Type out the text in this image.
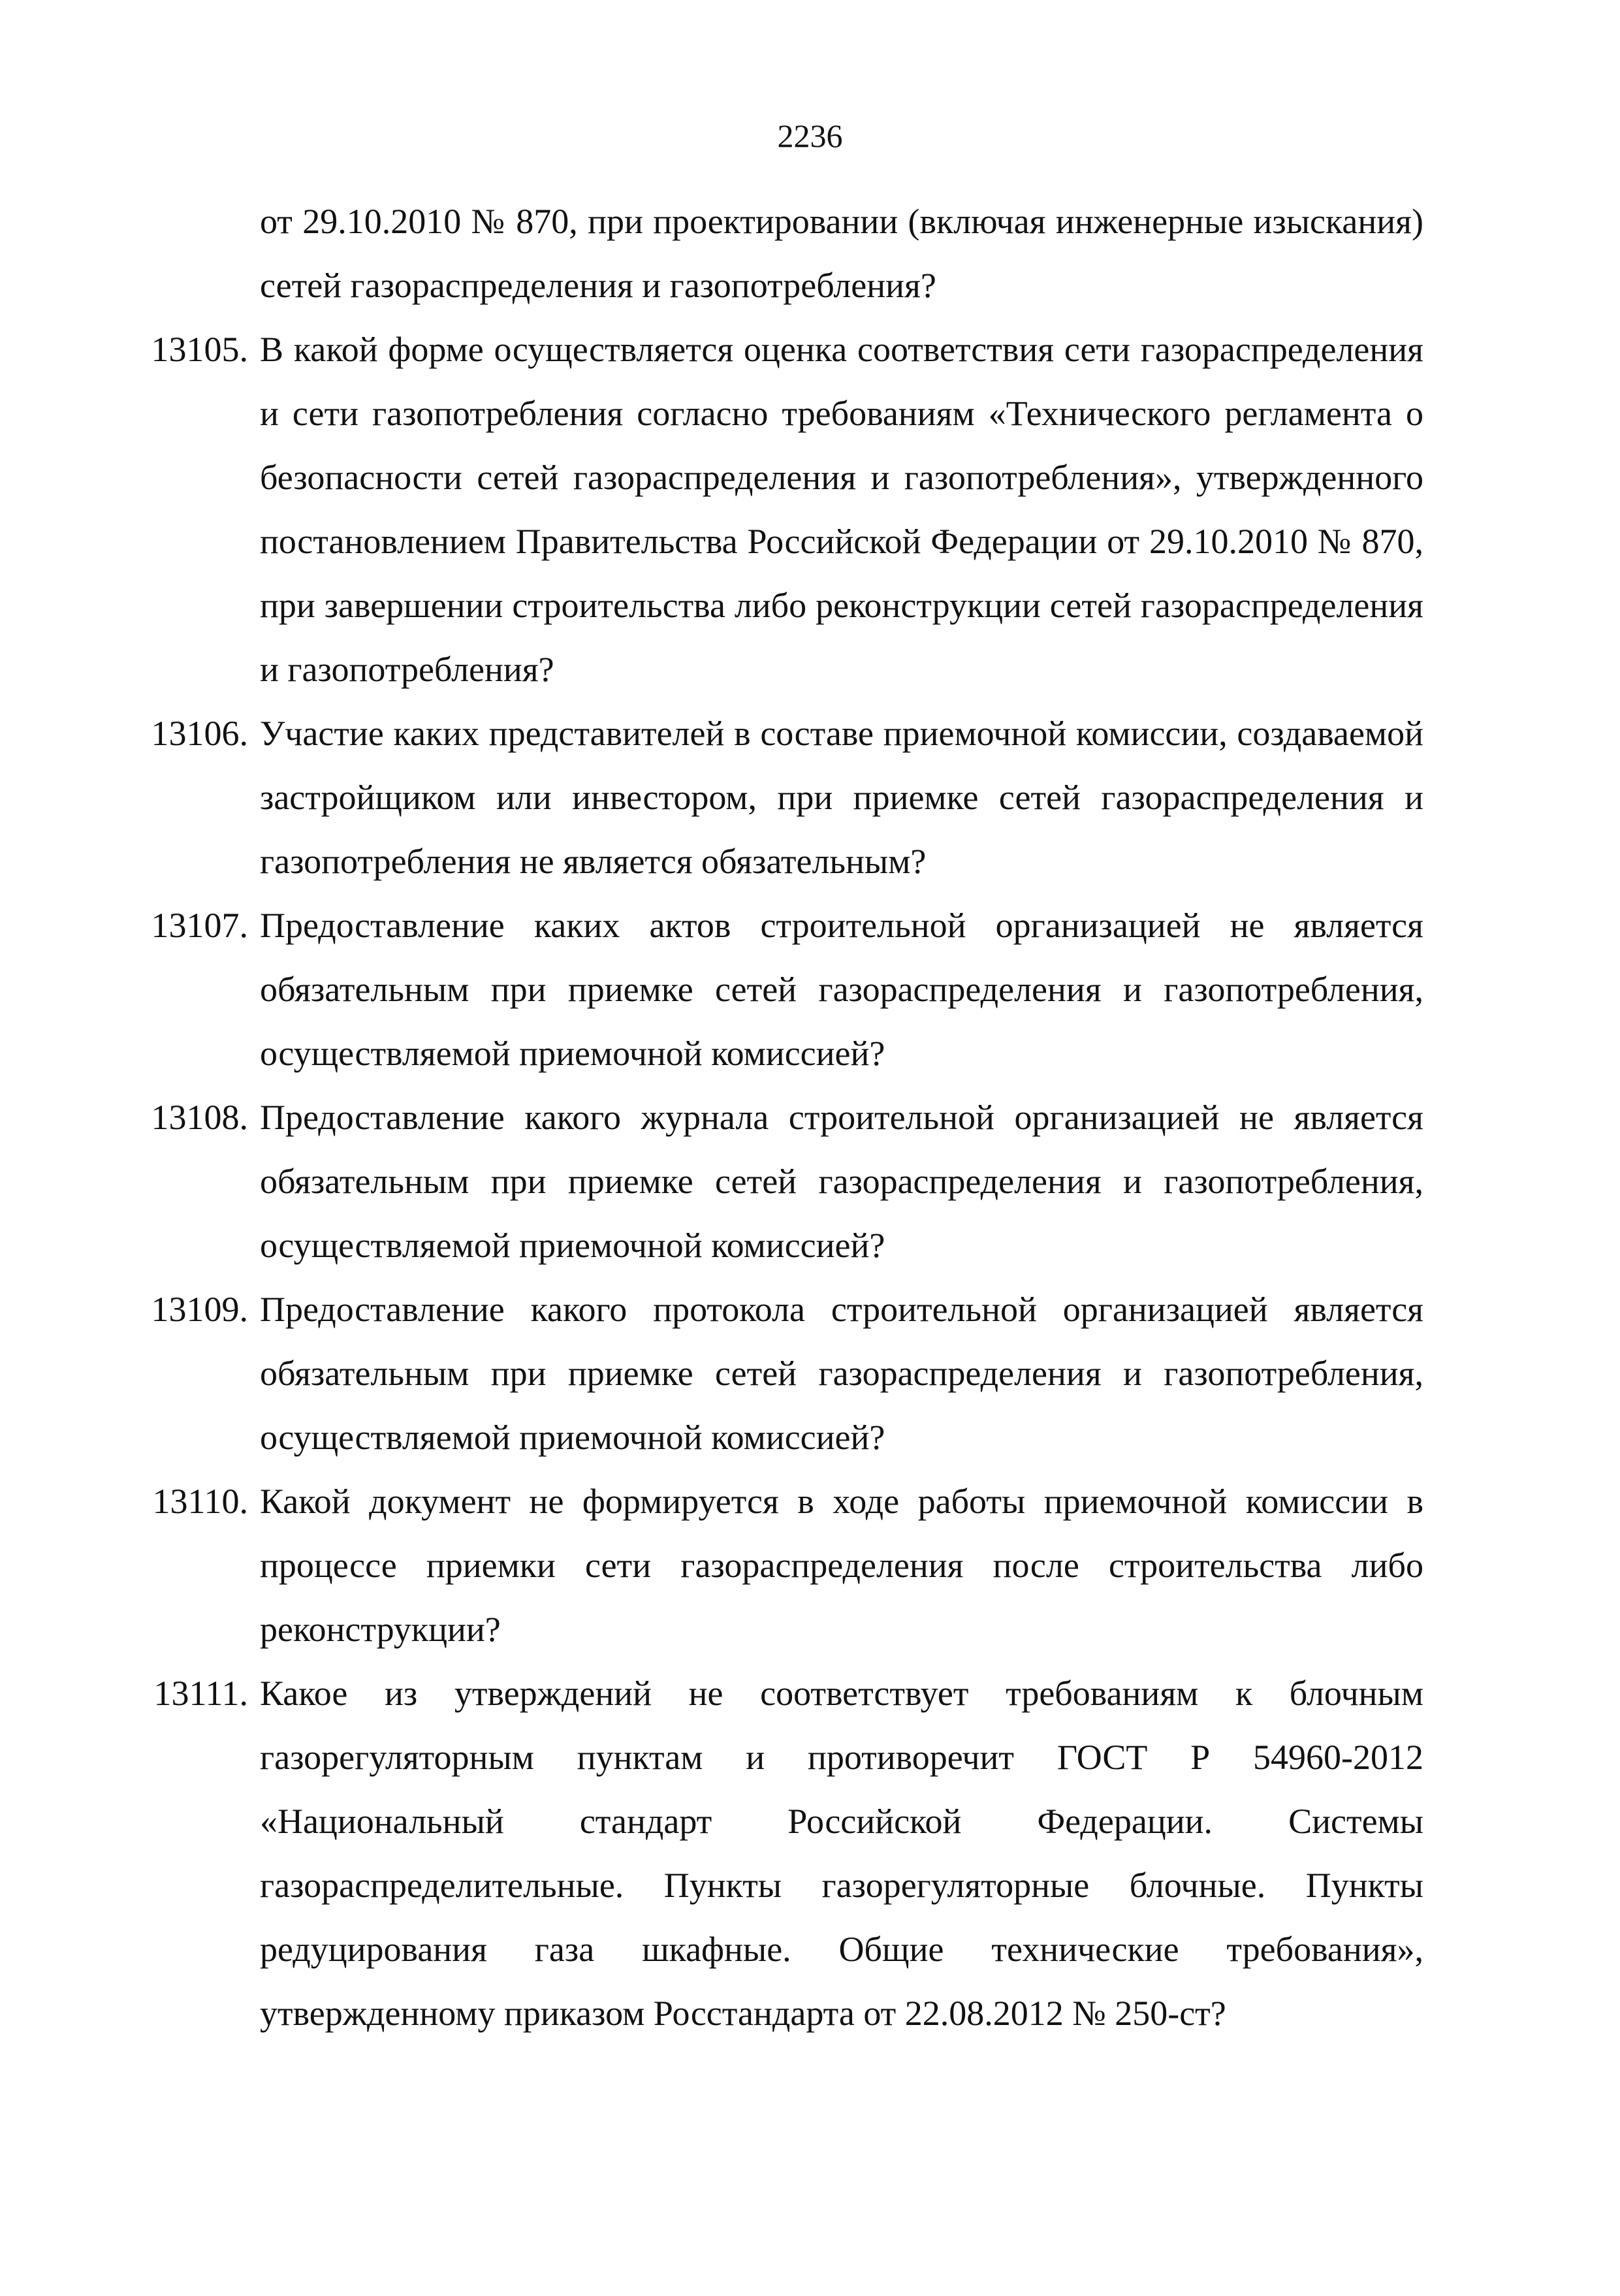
2236

от 29.10.2010 № 870, при проектировании (включая инженерные изыскания) сетей газораспределения и газопотребления?

13105. В какой форме осуществляется оценка соответствия сети газораспределения и сети газопотребления согласно требованиям «Технического регламента о безопасности сетей газораспределения и газопотребления», утвержденного постановлением Правительства Российской Федерации от 29.10.2010 № 870, при завершении строительства либо реконструкции сетей газораспределения и газопотребления?
13106. Участие каких представителей в составе приемочной комиссии, создаваемой застройщиком или инвестором, при приемке сетей газораспределения и газопотребления не является обязательным?
13107. Предоставление каких актов строительной организацией не является обязательным при приемке сетей газораспределения и газопотребления, осуществляемой приемочной комиссией?
13108. Предоставление какого журнала строительной организацией не является обязательным при приемке сетей газораспределения и газопотребления, осуществляемой приемочной комиссией?
13109. Предоставление какого протокола строительной организацией является обязательным при приемке сетей газораспределения и газопотребления, осуществляемой приемочной комиссией?
13110. Какой документ не формируется в ходе работы приемочной комиссии в процессе приемки сети газораспределения после строительства либо реконструкции?
13111. Какое из утверждений не соответствует требованиям к блочным газорегуляторным пунктам и противоречит ГОСТ Р 54960-2012 «Национальный стандарт Российской Федерации. Системы газораспределительные. Пункты газорегуляторные блочные. Пункты редуцирования газа шкафные. Общие технические требования», утвержденному приказом Росстандарта от 22.08.2012 № 250-ст?
